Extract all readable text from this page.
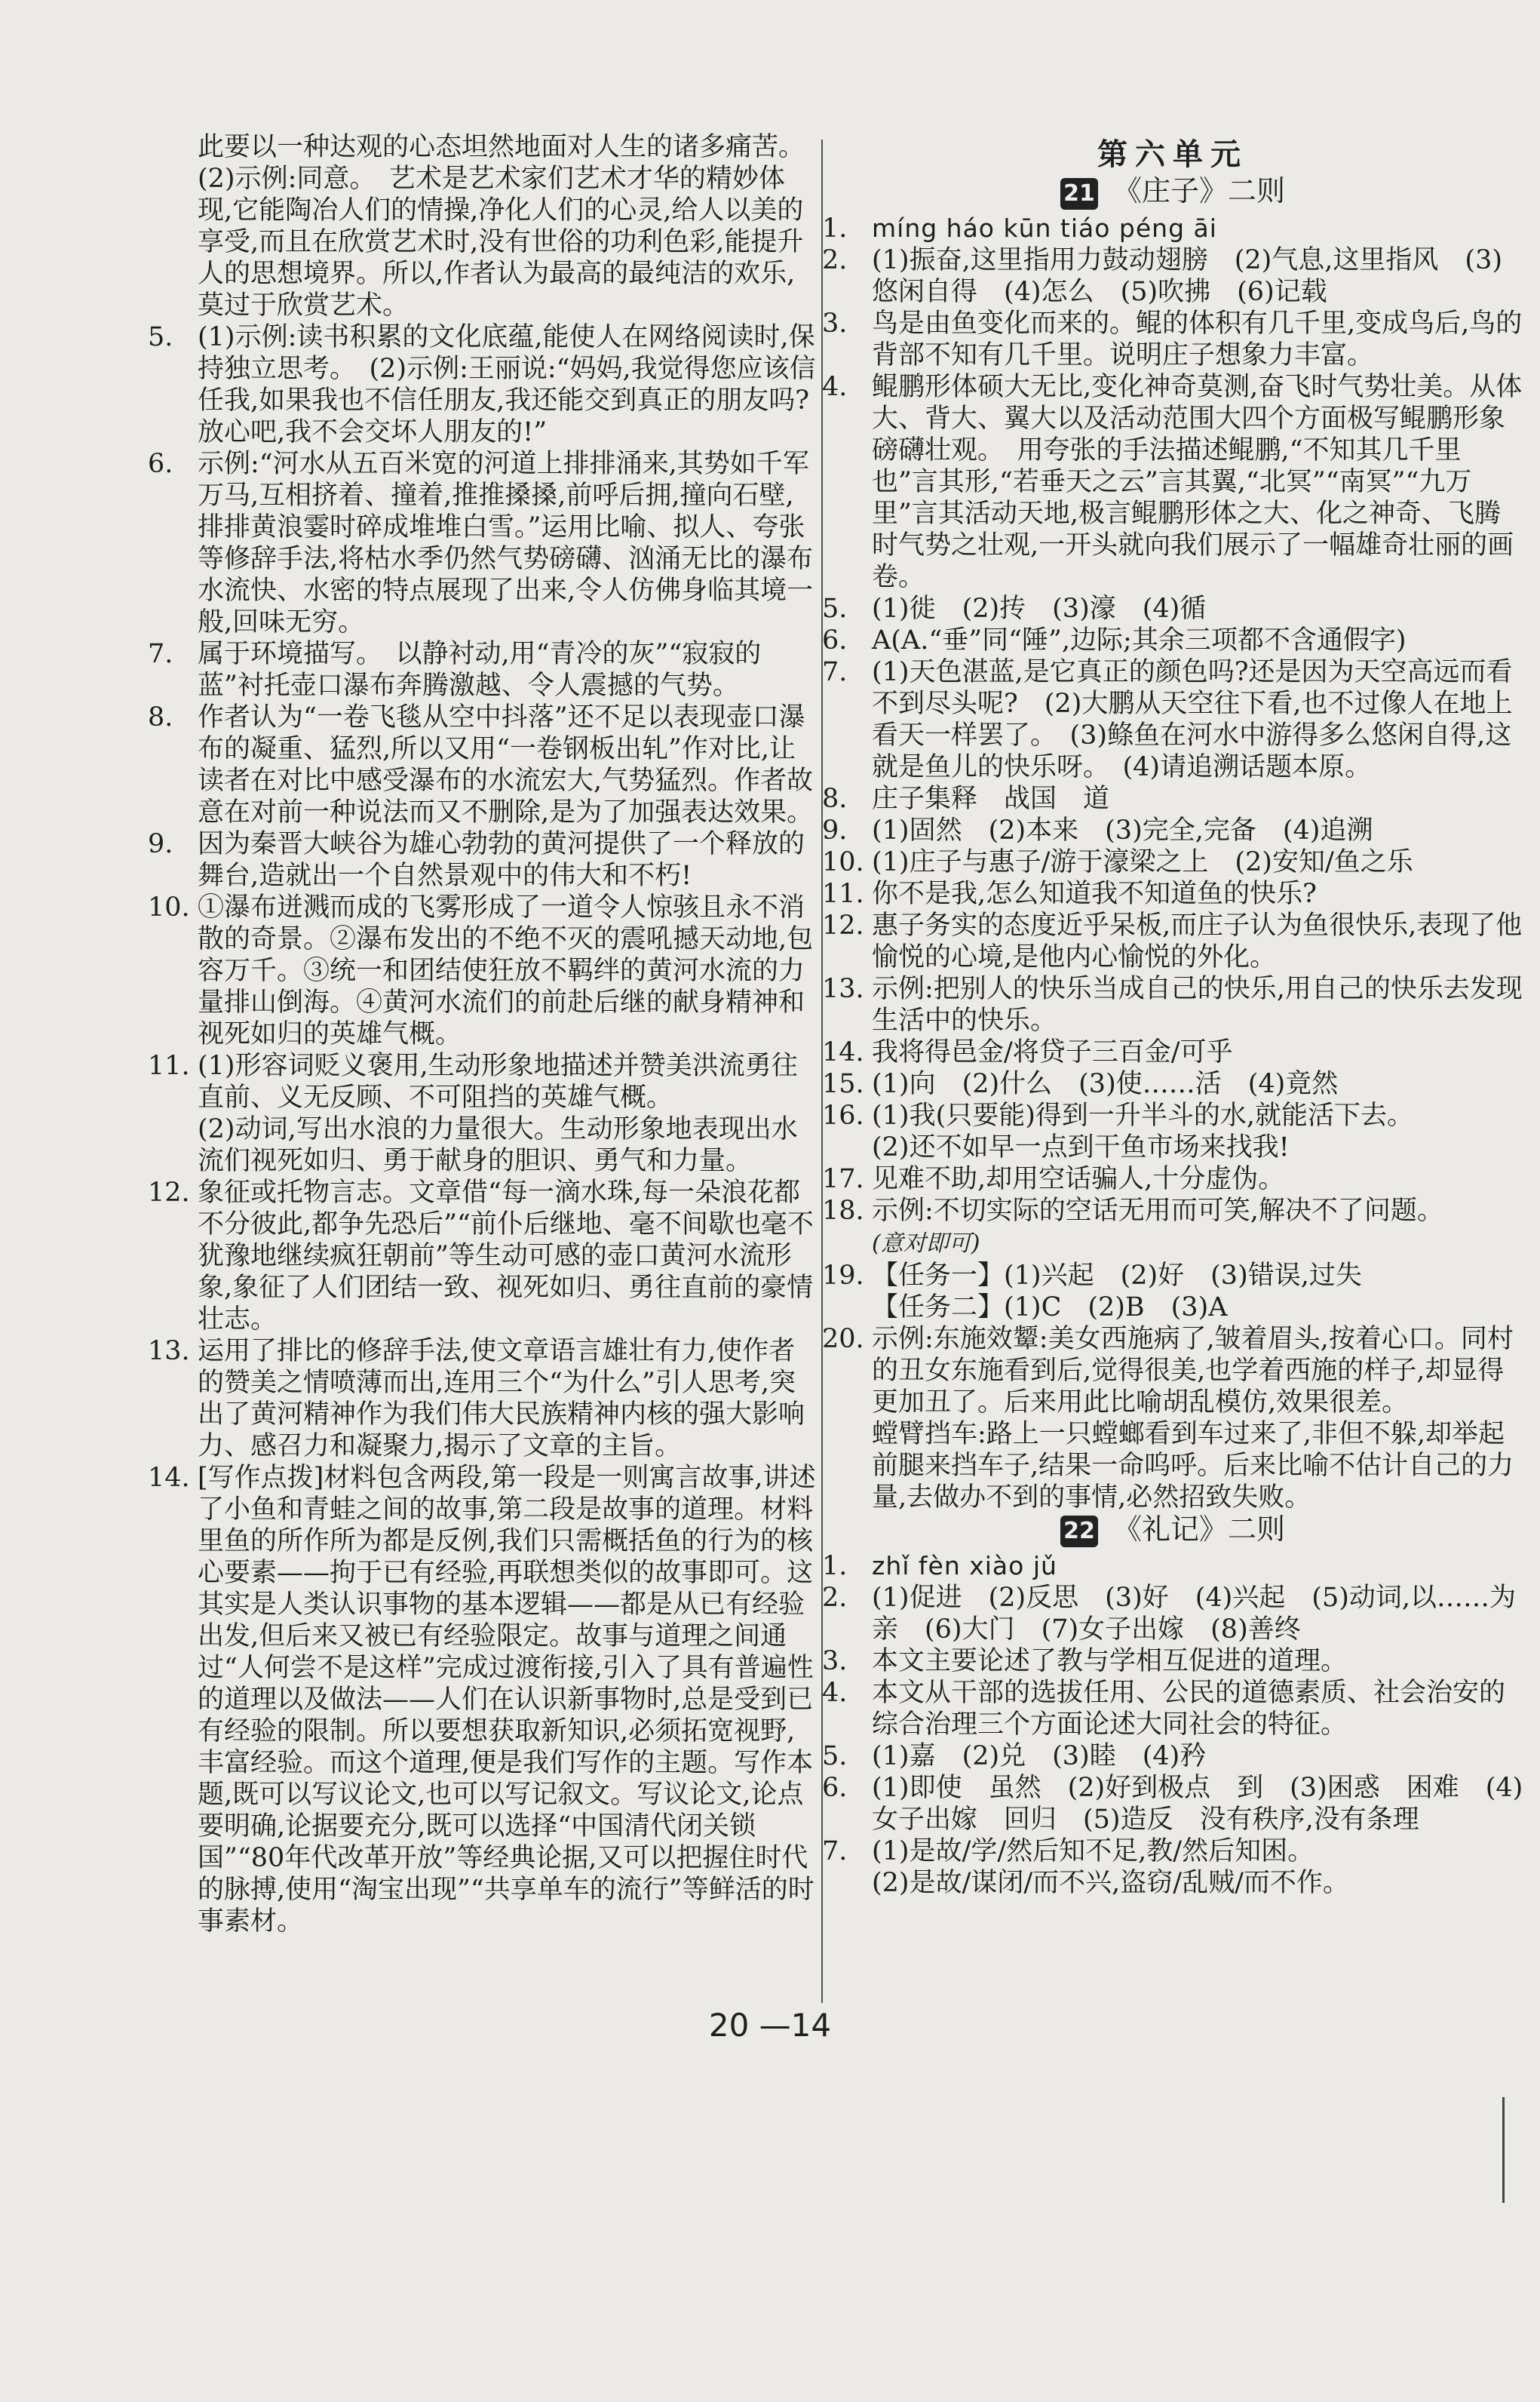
此要以一种达观的心态坦然地面对人生的诸多痛苦。
(2)示例:同意。　艺术是艺术家们艺术才华的精妙体现,它能陶冶人们的情操,净化人们的心灵,给人以美的享受,而且在欣赏艺术时,没有世俗的功利色彩,能提升人的思想境界。所以,作者认为最高的最纯洁的欢乐,莫过于欣赏艺术。
5. (1)示例:读书积累的文化底蕴,能使人在网络阅读时,保持独立思考。　(2)示例:王丽说:“妈妈,我觉得您应该信任我,如果我也不信任朋友,我还能交到真正的朋友吗?放心吧,我不会交坏人朋友的!”
6. 示例:“河水从五百米宽的河道上排排涌来,其势如千军万马,互相挤着、撞着,推推搡搡,前呼后拥,撞向石壁,排排黄浪霎时碎成堆堆白雪。”运用比喻、拟人、夸张等修辞手法,将枯水季仍然气势磅礴、汹涌无比的瀑布水流快、水密的特点展现了出来,令人仿佛身临其境一般,回味无穷。
7. 属于环境描写。　以静衬动,用“青冷的灰”“寂寂的蓝”衬托壶口瀑布奔腾激越、令人震撼的气势。
8. 作者认为“一卷飞毯从空中抖落”还不足以表现壶口瀑布的凝重、猛烈,所以又用“一卷钢板出轧”作对比,让读者在对比中感受瀑布的水流宏大,气势猛烈。作者故意在对前一种说法而又不删除,是为了加强表达效果。
9. 因为秦晋大峡谷为雄心勃勃的黄河提供了一个释放的舞台,造就出一个自然景观中的伟大和不朽!
10. ①瀑布迸溅而成的飞雾形成了一道令人惊骇且永不消散的奇景。②瀑布发出的不绝不灭的震吼撼天动地,包容万千。③统一和团结使狂放不羁绊的黄河水流的力量排山倒海。④黄河水流们的前赴后继的献身精神和视死如归的英雄气概。
11. (1)形容词贬义褒用,生动形象地描述并赞美洪流勇往直前、义无反顾、不可阻挡的英雄气概。
(2)动词,写出水浪的力量很大。生动形象地表现出水流们视死如归、勇于献身的胆识、勇气和力量。
12. 象征或托物言志。文章借“每一滴水珠,每一朵浪花都不分彼此,都争先恐后”“前仆后继地、毫不间歇也毫不犹豫地继续疯狂朝前”等生动可感的壶口黄河水流形象,象征了人们团结一致、视死如归、勇往直前的豪情壮志。
13. 运用了排比的修辞手法,使文章语言雄壮有力,使作者的赞美之情喷薄而出,连用三个“为什么”引人思考,突出了黄河精神作为我们伟大民族精神内核的强大影响力、感召力和凝聚力,揭示了文章的主旨。
14. [写作点拨]材料包含两段,第一段是一则寓言故事,讲述了小鱼和青蛙之间的故事,第二段是故事的道理。材料里鱼的所作所为都是反例,我们只需概括鱼的行为的核心要素——拘于已有经验,再联想类似的故事即可。这其实是人类认识事物的基本逻辑——都是从已有经验出发,但后来又被已有经验限定。故事与道理之间通过“人何尝不是这样”完成过渡衔接,引入了具有普遍性的道理以及做法——人们在认识新事物时,总是受到已有经验的限制。所以要想获取新知识,必须拓宽视野,丰富经验。而这个道理,便是我们写作的主题。写作本题,既可以写议论文,也可以写记叙文。写议论文,论点要明确,论据要充分,既可以选择“中国清代闭关锁国”“80年代改革开放”等经典论据,又可以把握住时代的脉搏,使用“淘宝出现”“共享单车的流行”等鲜活的时事素材。
第六单元
21 《庄子》二则
1. míng háo kūn tiáo péng āi
2. (1)振奋,这里指用力鼓动翅膀　(2)气息,这里指风　(3)悠闲自得　(4)怎么　(5)吹拂　(6)记载
3. 鸟是由鱼变化而来的。鲲的体积有几千里,变成鸟后,鸟的背部不知有几千里。说明庄子想象力丰富。
4. 鲲鹏形体硕大无比,变化神奇莫测,奋飞时气势壮美。从体大、背大、翼大以及活动范围大四个方面极写鲲鹏形象磅礴壮观。　用夸张的手法描述鲲鹏,“不知其几千里也”言其形,“若垂天之云”言其翼,“北冥”“南冥”“九万里”言其活动天地,极言鲲鹏形体之大、化之神奇、飞腾时气势之壮观,一开头就向我们展示了一幅雄奇壮丽的画卷。
5. (1)徙　(2)抟　(3)濠　(4)循
6. A(A.“垂”同“陲”,边际;其余三项都不含通假字)
7. (1)天色湛蓝,是它真正的颜色吗?还是因为天空高远而看不到尽头呢?　(2)大鹏从天空往下看,也不过像人在地上看天一样罢了。　(3)鲦鱼在河水中游得多么悠闲自得,这就是鱼儿的快乐呀。　(4)请追溯话题本原。
8. 庄子集释　战国　道
9. (1)固然　(2)本来　(3)完全,完备　(4)追溯
10. (1)庄子与惠子/游于濠梁之上　(2)安知/鱼之乐
11. 你不是我,怎么知道我不知道鱼的快乐?
12. 惠子务实的态度近乎呆板,而庄子认为鱼很快乐,表现了他愉悦的心境,是他内心愉悦的外化。
13. 示例:把别人的快乐当成自己的快乐,用自己的快乐去发现生活中的快乐。
14. 我将得邑金/将贷子三百金/可乎
15. (1)向　(2)什么　(3)使……活　(4)竟然
16. (1)我(只要能)得到一升半斗的水,就能活下去。
(2)还不如早一点到干鱼市场来找我!
17. 见难不助,却用空话骗人,十分虚伪。
18. 示例:不切实际的空话无用而可笑,解决不了问题。
(意对即可)
19. 【任务一】(1)兴起　(2)好　(3)错误,过失
【任务二】(1)C　(2)B　(3)A
20. 示例:东施效颦:美女西施病了,皱着眉头,按着心口。同村的丑女东施看到后,觉得很美,也学着西施的样子,却显得更加丑了。后来用此比喻胡乱模仿,效果很差。
螳臂挡车:路上一只螳螂看到车过来了,非但不躲,却举起前腿来挡车子,结果一命呜呼。后来比喻不估计自己的力量,去做办不到的事情,必然招致失败。
22 《礼记》二则
1. zhǐ fèn xiào jǔ
2. (1)促进　(2)反思　(3)好　(4)兴起　(5)动词,以……为亲　(6)大门　(7)女子出嫁　(8)善终
3. 本文主要论述了教与学相互促进的道理。
4. 本文从干部的选拔任用、公民的道德素质、社会治安的综合治理三个方面论述大同社会的特征。
5. (1)嘉　(2)兑　(3)睦　(4)矜
6. (1)即使　虽然　(2)好到极点　到　(3)困惑　困难　(4)女子出嫁　回归　(5)造反　没有秩序,没有条理
7. (1)是故/学/然后知不足,教/然后知困。
(2)是故/谋闭/而不兴,盗窃/乱贼/而不作。
20 —14
